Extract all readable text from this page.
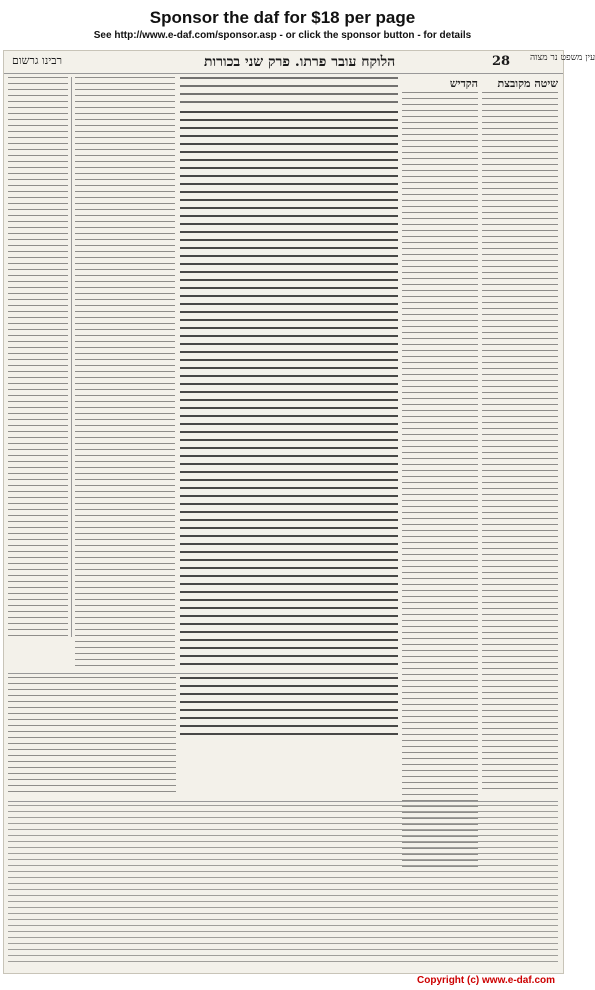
Sponsor the daf for $18 per page
See http://www.e-daf.com/sponsor.asp - or click the sponsor button - for details
רבינו גרשום	הלוקח עובר פרתו. פרק שני בכורות	28 עין משפט נר מצוה
הקדיש	שיטה מקובצת
Copyright (c) www.e-daf.com
